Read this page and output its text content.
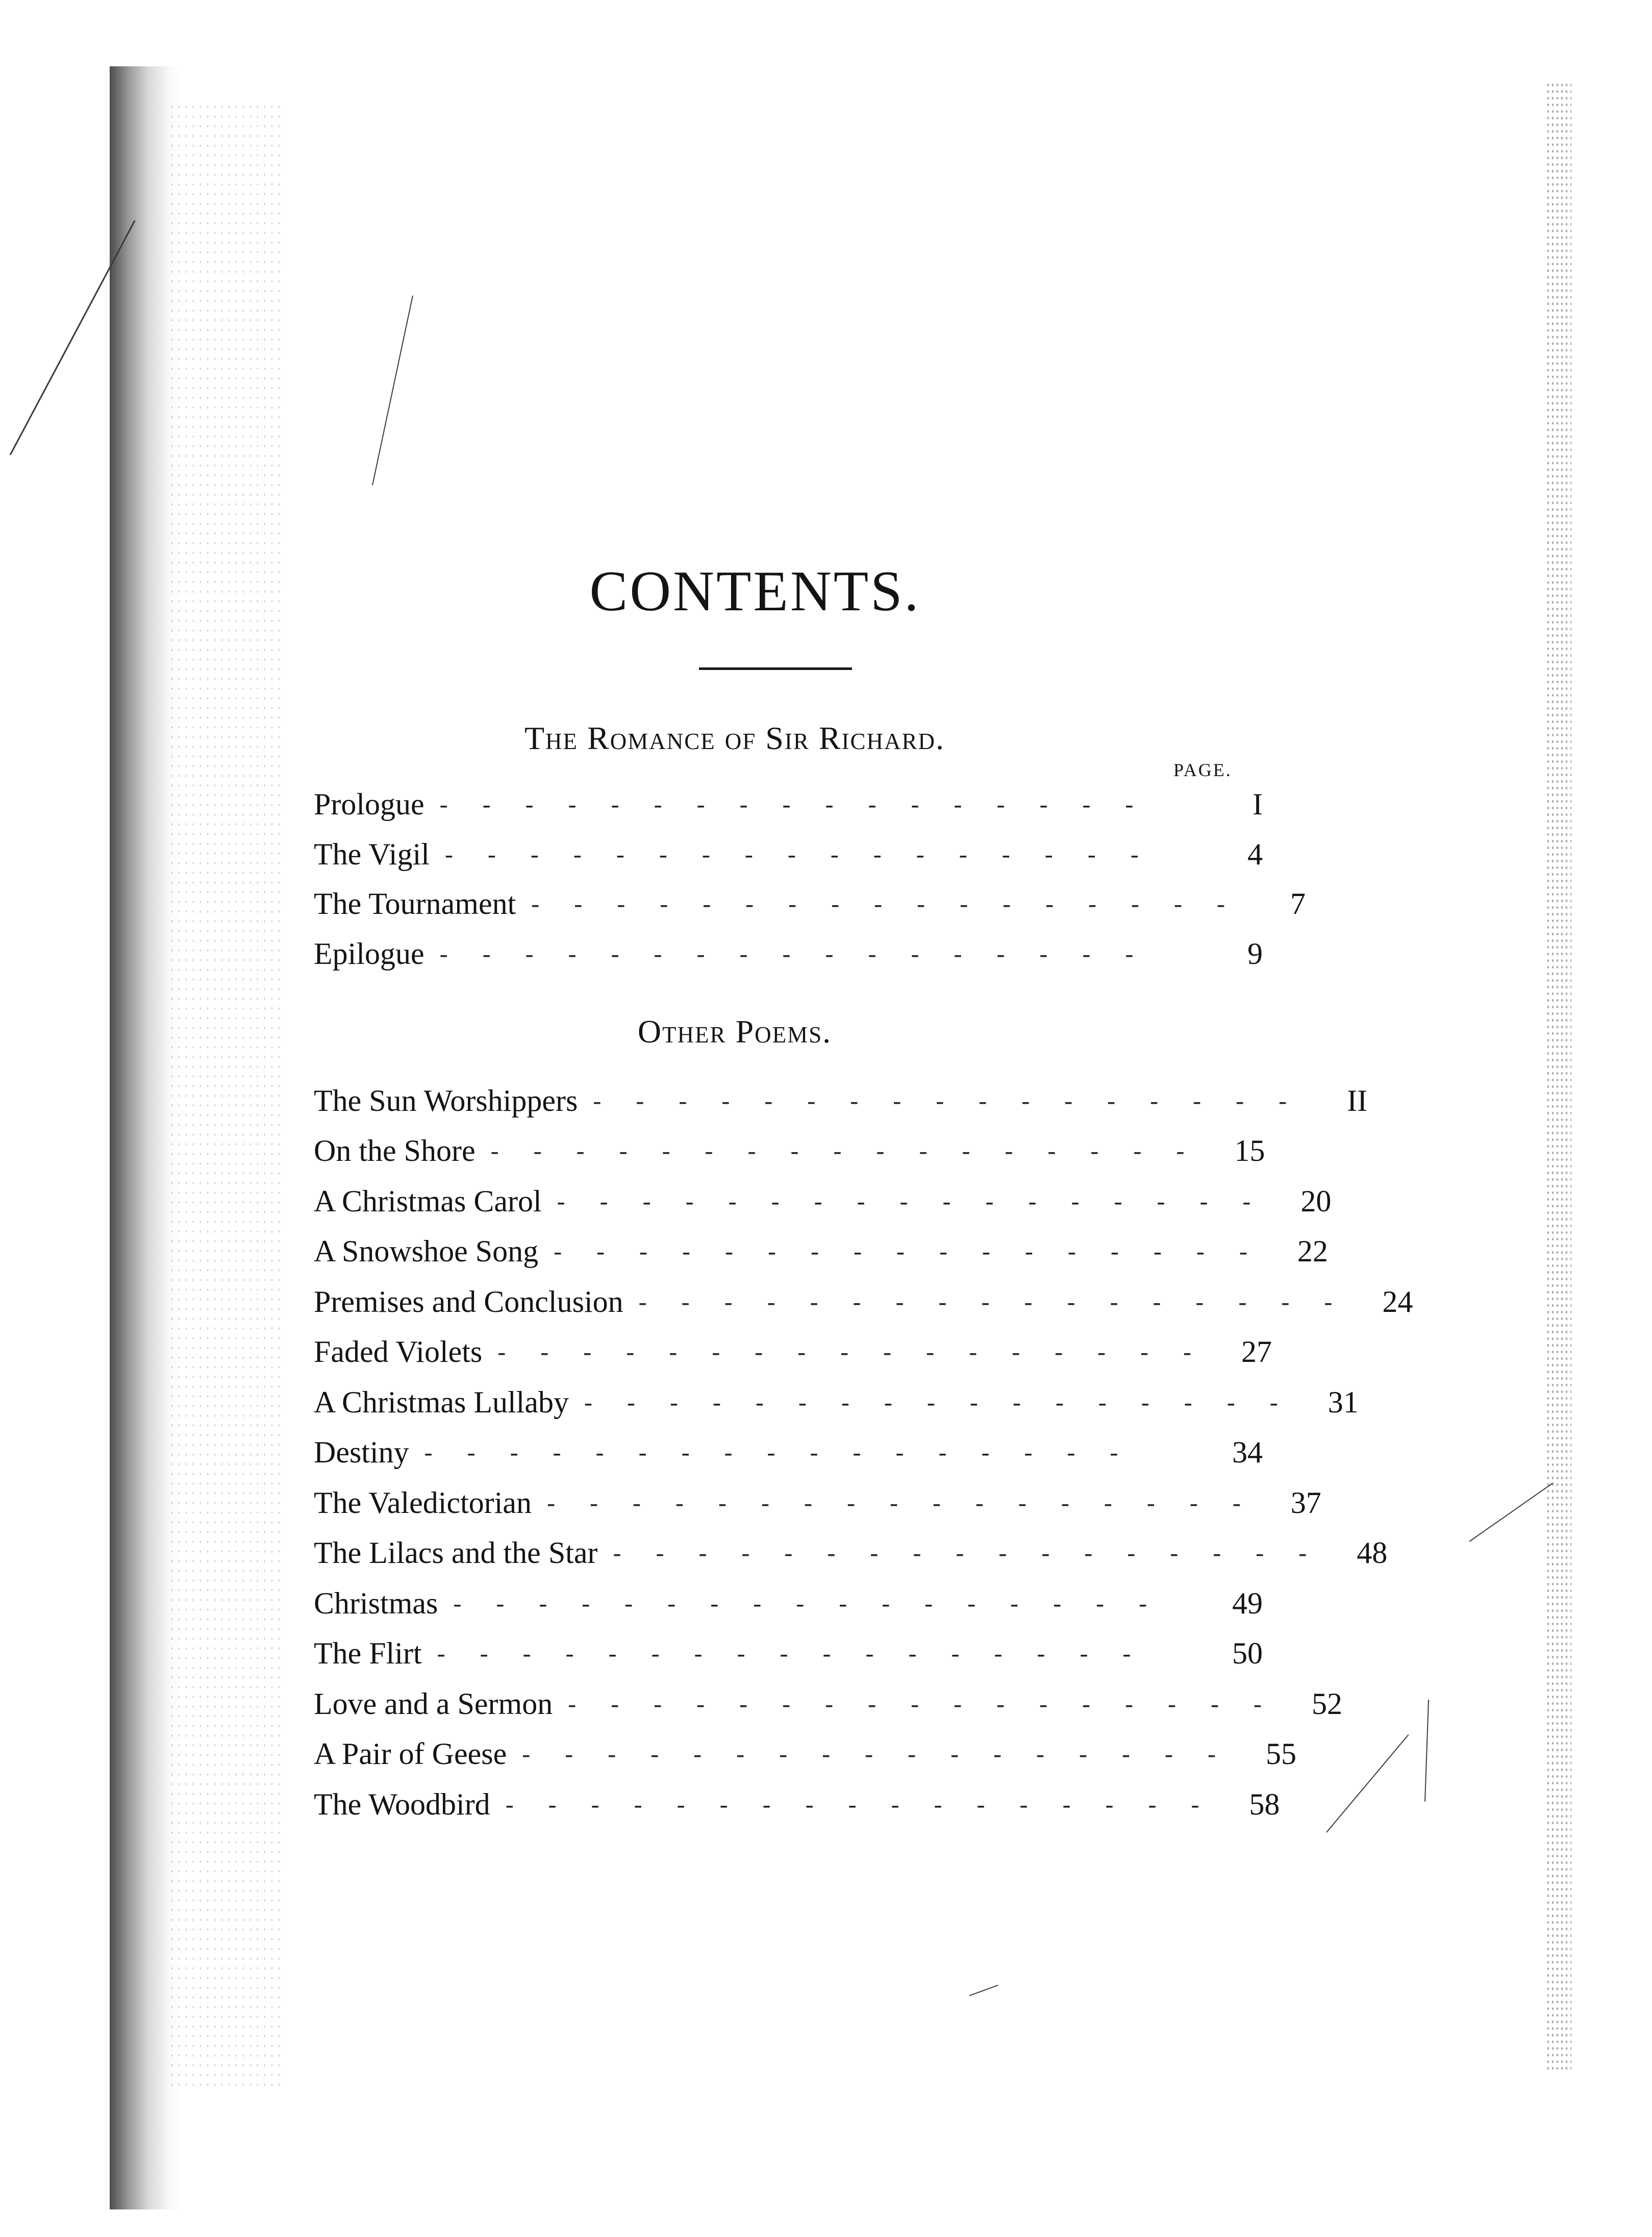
CONTENTS.
The Romance of Sir Richard.
PAGE.
Prologue -----------------	I
The Vigil -----------------	4
The Tournament -----------------	7
Epilogue -----------------	9
Other Poems.
The Sun Worshippers ----------------- II
On the Shore ----------------- 15
A Christmas Carol ----------------- 20
A Snowshoe Song ----------------- 22
Premises and Conclusion ----------------- 24
Faded Violets ----------------- 27
A Christmas Lullaby ----------------- 31
Destiny -----------------	34
The Valedictorian ----------------- 37
The Lilacs and the Star ----------------- 48
Christmas -----------------	49
The Flirt -----------------	50
Love and a Sermon ----------------- 52
A Pair of Geese ----------------- 55
The Woodbird ----------------- 58
